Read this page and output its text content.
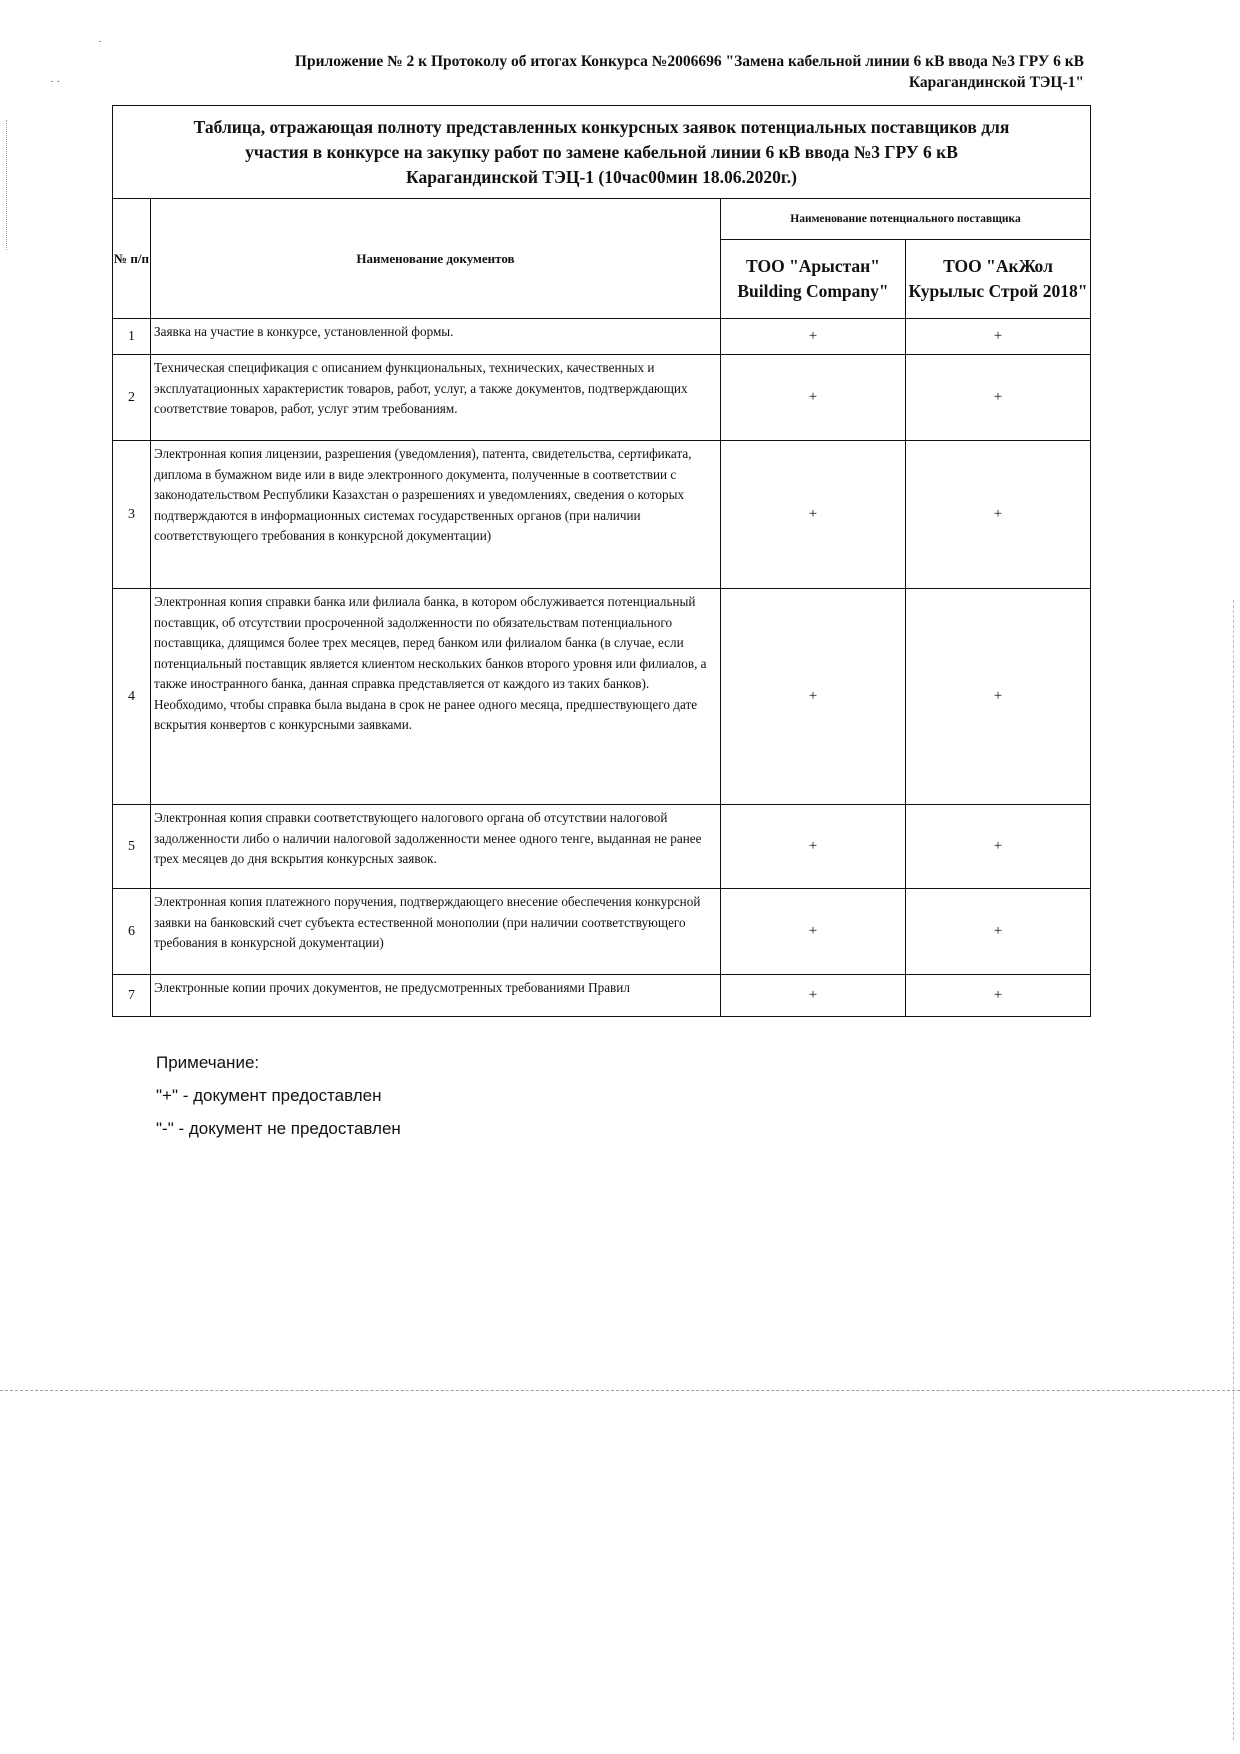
Приложение № 2 к Протоколу об итогах Конкурса №2006696 "Замена кабельной линии 6 кВ ввода №3 ГРУ 6 кВ
Карагандинской ТЭЦ-1"
Таблица, отражающая полноту представленных конкурсных заявок потенциальных поставщиков для
участия в конкурсе на закупку работ по замене кабельной линии 6 кВ ввода №3 ГРУ 6 кВ
Карагандинской ТЭЦ-1 (10час00мин 18.06.2020г.)			

№ п/п	Наименование документов	Наименование потенциального поставщика	
		ТОО "Арыстан" Building Company"	ТОО "АкЖол Курылыс Строй 2018"
1	Заявка на участие в конкурсе, установленной формы.	+	+
2	Техническая спецификация с описанием функциональных, технических, качественных и эксплуатационных характеристик товаров, работ, услуг, а также документов, подтверждающих соответствие товаров, работ, услуг этим требованиям.	+	+
3	Электронная копия лицензии, разрешения (уведомления), патента, свидетельства, сертификата, диплома в бумажном виде или в виде электронного документа, полученные в соответствии с законодательством Республики Казахстан о разрешениях и уведомлениях, сведения о которых подтверждаются в информационных системах государственных органов (при наличии соответствующего требования в конкурсной документации)	+	+
4	Электронная копия справки банка или филиала банка, в котором обслуживается потенциальный поставщик, об отсутствии просроченной задолженности по обязательствам потенциального поставщика, длящимся более трех месяцев, перед банком или филиалом банка (в случае, если потенциальный поставщик является клиентом нескольких банков второго уровня или филиалов, а также иностранного банка, данная справка представляется от каждого из таких банков). Необходимо, чтобы справка была выдана в срок не ранее одного месяца, предшествующего дате вскрытия конвертов с конкурсными заявками.	+	+
5	Электронная копия справки соответствующего налогового органа об отсутствии налоговой задолженности либо о наличии налоговой задолженности менее одного тенге, выданная не ранее трех месяцев до дня вскрытия конкурсных заявок.	+	+
6	Электронная копия платежного поручения, подтверждающего внесение обеспечения конкурсной заявки на банковский счет субъекта естественной монополии (при наличии соответствующего требования в конкурсной документации)	+	+
7	Электронные копии прочих документов, не предусмотренных требованиями Правил	+	+
Примечание:
"+" - документ предоставлен
"-" - документ не предоставлен
·
· ·
